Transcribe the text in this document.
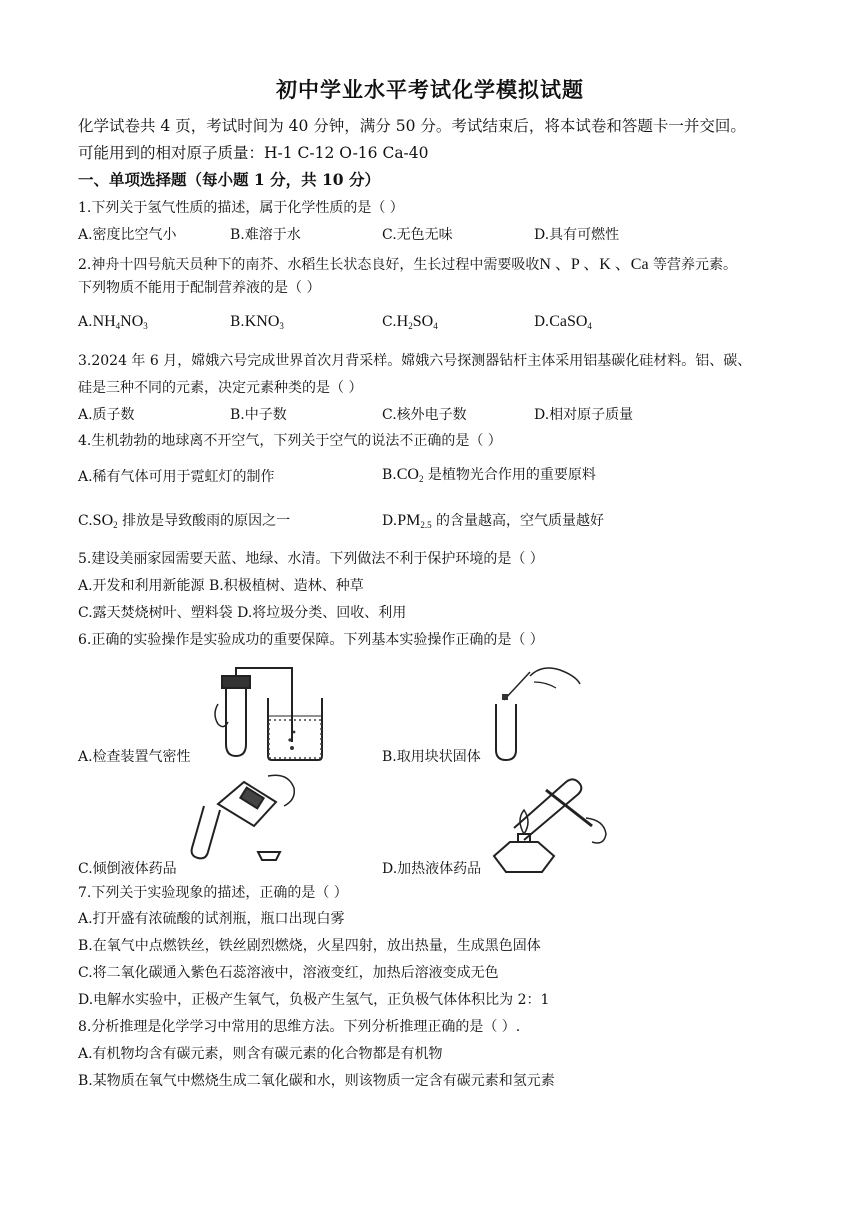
初中学业水平考试化学模拟试题
化学试卷共 4 页，考试时间为 40 分钟，满分 50 分。考试结束后，将本试卷和答题卡一并交回。
可能用到的相对原子质量：H-1 C-12 O-16 Ca-40
一、单项选择题（每小题 1 分，共 10 分）
1.下列关于氢气性质的描述，属于化学性质的是（ ）
A.密度比空气小	B.难溶于水	C.无色无味	D.具有可燃性
2.神舟十四号航天员种下的南芥、水稻生长状态良好，生长过程中需要吸收N 、P 、K 、Ca 等营养元素。
下列物质不能用于配制营养液的是（ ）
$A.NH_4NO_3$	$B.KNO_3$	$C.H_2SO_4$	D.CaSO$_4$
3.2024 年 6 月，嫦娥六号完成世界首次月背采样。嫦娥六号探测器钻杆主体采用铝基碳化硅材料。铝、碳、
硅是三种不同的元素，决定元素种类的是（ ）
A.质子数	B.中子数	C.核外电子数	D.相对原子质量
4.生机勃勃的地球离不开空气，下列关于空气的说法不正确的是（ ）
A.稀有气体可用于霓虹灯的制作	$B.CO_2$ 是植物光合作用的重要原料
$C.SO_2$ 排放是导致酸雨的原因之一	$D.PM_{2.5}$ 的含量越高，空气质量越好
5.建设美丽家园需要天蓝、地绿、水清。下列做法不利于保护环境的是（ ）
A.开发和利用新能源 B.积极植树、造林、种草
C.露天焚烧树叶、塑料袋 D.将垃圾分类、回收、利用
6.正确的实验操作是实验成功的重要保障。下列基本实验操作正确的是（ ）
A.检查装置气密性	B.取用块状固体
C.倾倒液体药品	D.加热液体药品
7.下列关于实验现象的描述，正确的是（ ）
A.打开盛有浓硫酸的试剂瓶，瓶口出现白雾
B.在氧气中点燃铁丝，铁丝剧烈燃烧，火星四射，放出热量，生成黑色固体
C.将二氧化碳通入紫色石蕊溶液中，溶液变红，加热后溶液变成无色
D.电解水实验中，正极产生氧气，负极产生氢气，正负极气体体积比为 2：1
8.分析推理是化学学习中常用的思维方法。下列分析推理正确的是（ ）.
A.有机物均含有碳元素，则含有碳元素的化合物都是有机物
B.某物质在氧气中燃烧生成二氧化碳和水，则该物质一定含有碳元素和氢元素
